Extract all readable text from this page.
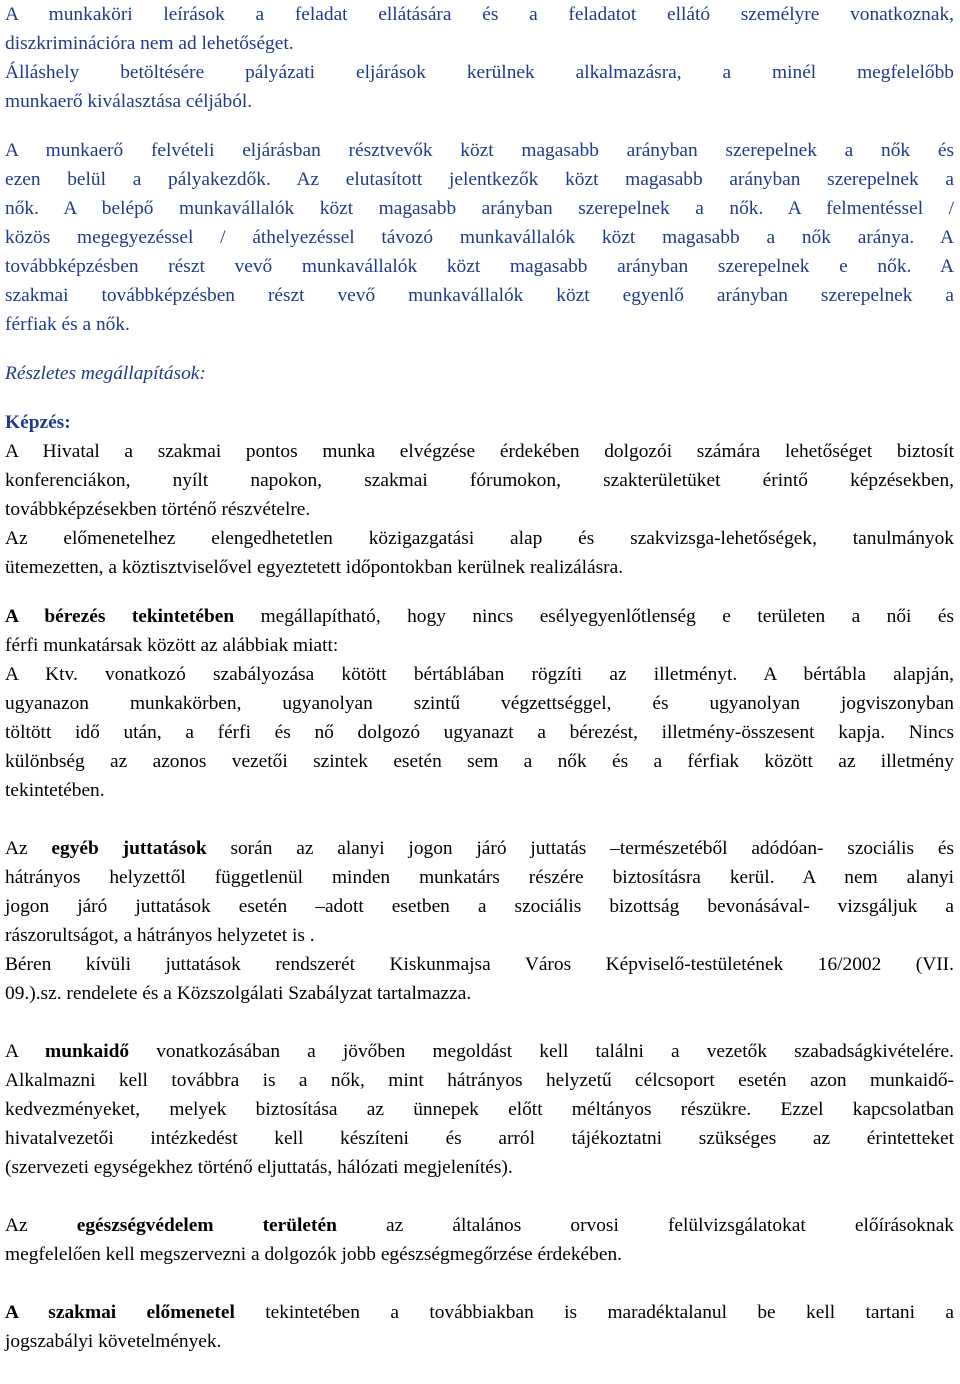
A munkaköri leírások a feladat ellátására és a feladatot ellátó személyre vonatkoznak,
diszkriminációra nem ad lehetőséget.
Álláshely betöltésére pályázati eljárások kerülnek alkalmazásra, a minél megfelelőbb
munkaerő kiválasztása céljából.
A munkaerő felvételi eljárásban résztvevők közt magasabb arányban szerepelnek a nők és
ezen belül a pályakezdők. Az elutasított jelentkezők közt magasabb arányban szerepelnek a
nők. A belépő munkavállalók közt magasabb arányban szerepelnek a nők. A felmentéssel /
közös megegyezéssel / áthelyezéssel távozó munkavállalók közt magasabb a nők aránya. A
továbbképzésben részt vevő munkavállalók közt magasabb arányban szerepelnek e nők. A
szakmai továbbképzésben részt vevő munkavállalók közt egyenlő arányban szerepelnek a
férfiak és a nők.
Részletes megállapítások:
Képzés:
A Hivatal a szakmai pontos munka elvégzése érdekében dolgozói számára lehetőséget biztosít
konferenciákon, nyílt napokon, szakmai fórumokon, szakterületüket érintő képzésekben,
továbbképzésekben történő részvételre.
Az előmenetelhez elengedhetetlen közigazgatási alap és szakvizsga-lehetőségek, tanulmányok
ütemezetten, a köztisztviselővel egyeztetett időpontokban kerülnek realizálásra.
A bérezés tekintetében megállapítható, hogy nincs esélyegyenlőtlenség e területen a női és
férfi munkatársak között az alábbiak miatt:
A Ktv. vonatkozó szabályozása kötött bértáblában rögzíti az illetményt. A bértábla alapján,
ugyanazon munkakörben, ugyanolyan szintű végzettséggel, és ugyanolyan jogviszonyban
töltött idő után, a férfi és nő dolgozó ugyanazt a bérezést, illetmény-összesent kapja. Nincs
különbség az azonos vezetői szintek esetén sem a nők és a férfiak között az illetmény
tekintetében.
Az egyéb juttatások során az alanyi jogon járó juttatás –természetéből adódóan- szociális és
hátrányos helyzettől függetlenül minden munkatárs részére biztosításra kerül. A nem alanyi
jogon járó juttatások esetén –adott esetben a szociális bizottság bevonásával- vizsgáljuk a
rászorultságot, a hátrányos helyzetet is .
Béren kívüli juttatások rendszerét Kiskunmajsa Város Képviselő-testületének 16/2002 (VII.
09.).sz. rendelete és a Közszolgálati Szabályzat tartalmazza.
A munkaidő vonatkozásában a jövőben megoldást kell találni a vezetők szabadságkivételére.
Alkalmazni kell továbbra is a nők, mint hátrányos helyzetű célcsoport esetén azon munkaidő-
kedvezményeket, melyek biztosítása az ünnepek előtt méltányos részükre. Ezzel kapcsolatban
hivatalvezetői intézkedést kell készíteni és arról tájékoztatni szükséges az érintetteket
(szervezeti egységekhez történő eljuttatás, hálózati megjelenítés).
Az egészségvédelem területén az általános orvosi felülvizsgálatokat előírásoknak
megfelelően kell megszervezni a dolgozók jobb egészségmegőrzése érdekében.
A szakmai előmenetel tekintetében a továbbiakban is maradéktalanul be kell tartani a
jogszabályi követelmények.
